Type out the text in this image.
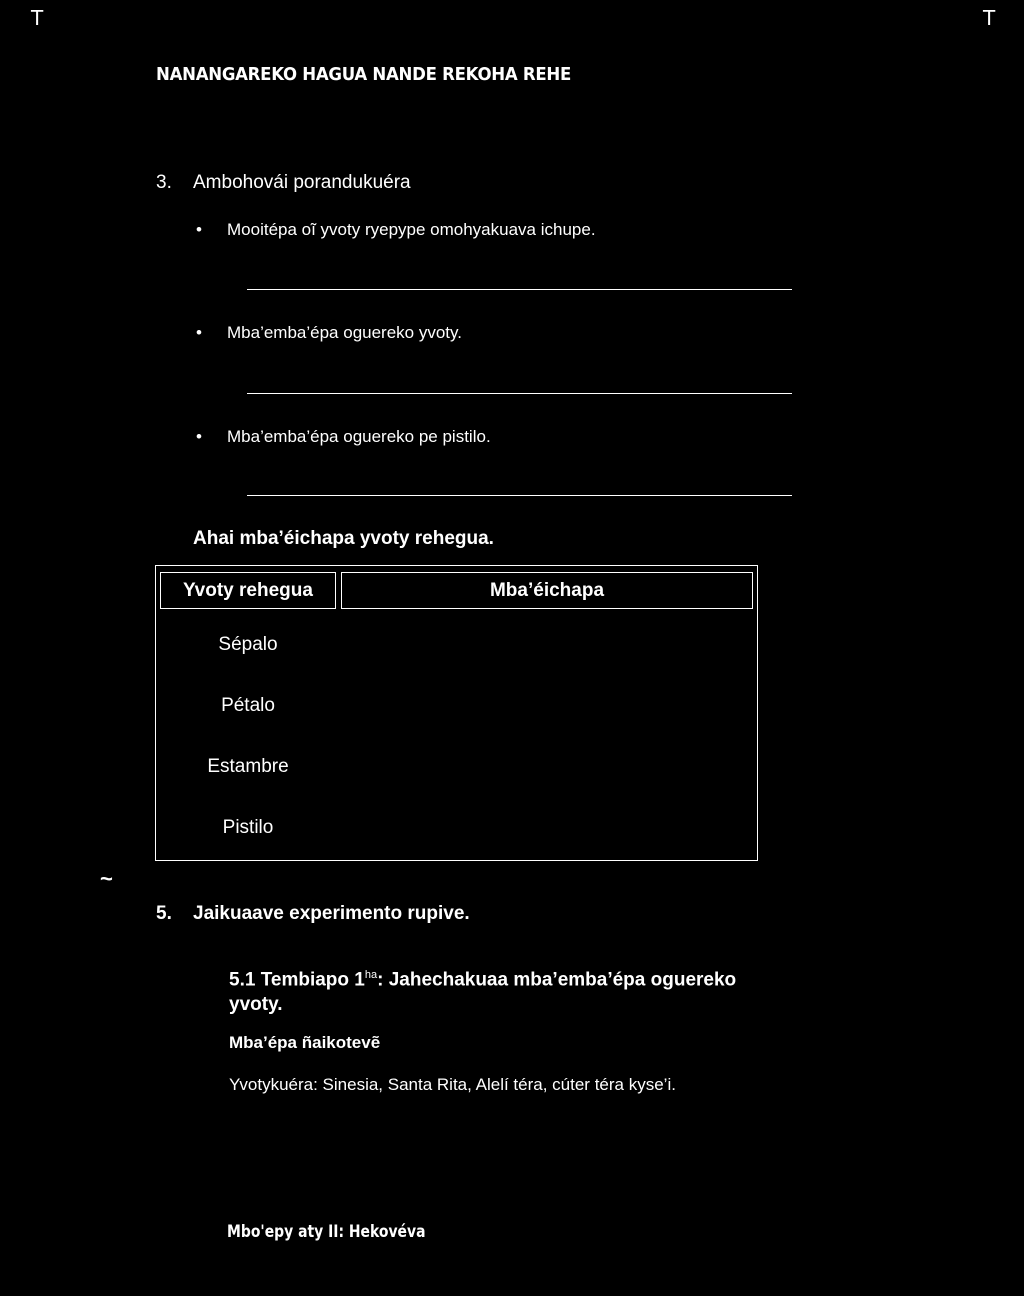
T	T
NANANGAREKO HAGUA NANDE REKOHA REHE
3. Ambohovái porandukuéra
• Mooitépa oĩ yvoty ryepype omohyakuava ichupe.
• Mba’emba’épa oguereko yvoty.
• Mba’emba’épa oguereko pe pistilo.
Ahai mba’éichapa yvoty rehegua.
Yvoty rehegua	Mba’éichapa
Sépalo
Pétalo
Estambre
Pistilo
~
5. Jaikuaave experimento rupive.
5.1 Tembiapo $1^{ha}$: Jahechakuaa mba’emba’épa oguereko yvoty.
Mba’épa ñaikotevẽ
Yvotykuéra: Sinesia, Santa Rita, Alelí téra, cúter téra kyse’i.
Mbo'epy aty II: Hekovéva
